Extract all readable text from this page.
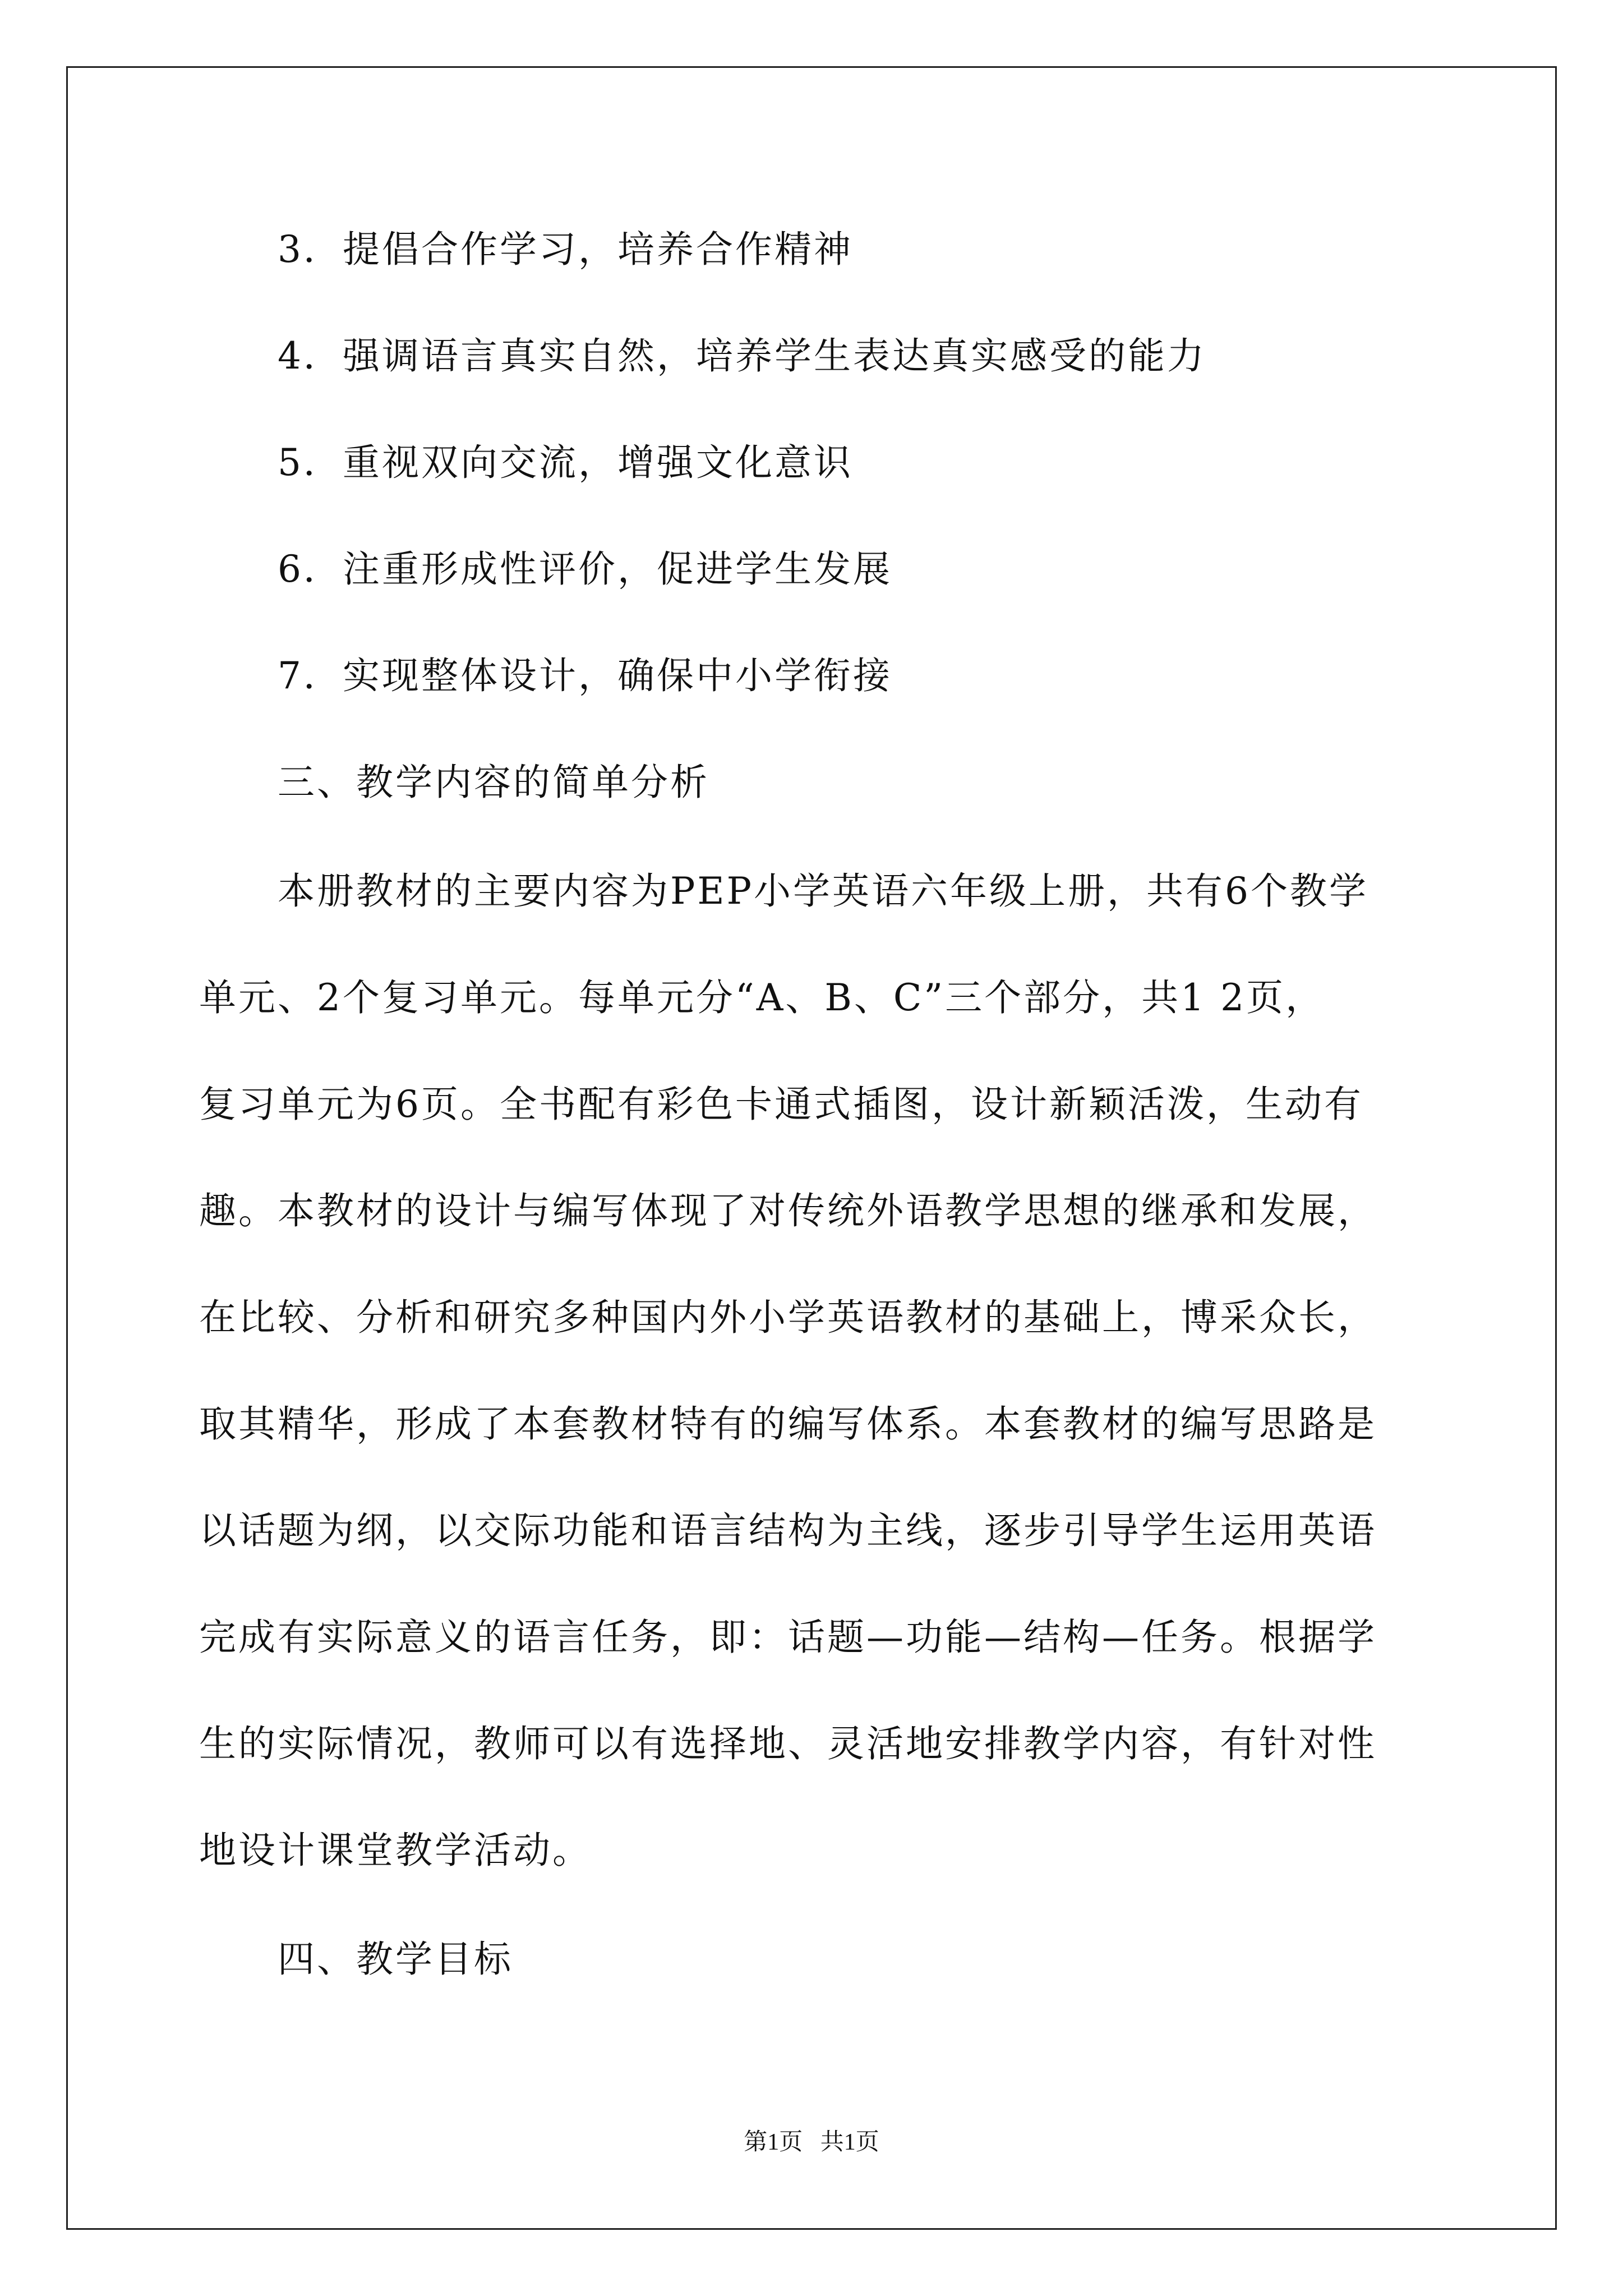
3．提倡合作学习，培养合作精神
4．强调语言真实自然，培养学生表达真实感受的能力
5．重视双向交流，增强文化意识
6．注重形成性评价，促进学生发展
7．实现整体设计，确保中小学衔接
三、教学内容的简单分析
本册教材的主要内容为PEP小学英语六年级上册，共有6个教学
单元、2个复习单元。每单元分“A、B、C”三个部分，共1 2页，
复习单元为6页。全书配有彩色卡通式插图，设计新颖活泼，生动有
趣。本教材的设计与编写体现了对传统外语教学思想的继承和发展，
在比较、分析和研究多种国内外小学英语教材的基础上，博采众长，
取其精华，形成了本套教材特有的编写体系。本套教材的编写思路是
以话题为纲，以交际功能和语言结构为主线，逐步引导学生运用英语
完成有实际意义的语言任务，即：话题—功能—结构—任务。根据学
生的实际情况，教师可以有选择地、灵活地安排教学内容，有针对性
地设计课堂教学活动。
四、教学目标
第1页   共1页
